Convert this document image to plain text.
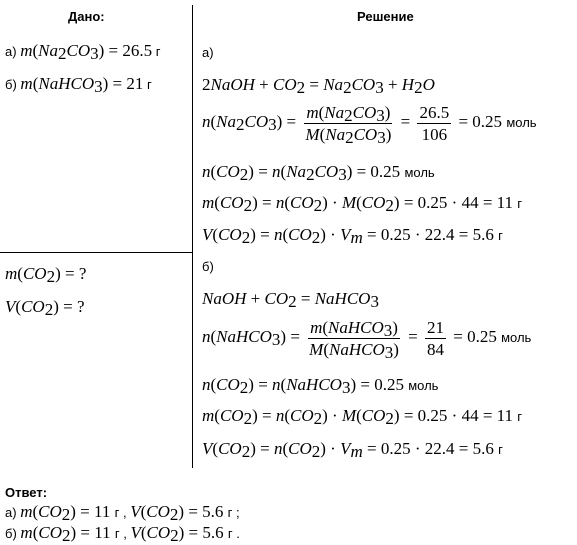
Дано:	Решение
а) $m(Na_2CO_3) = 26.5$ г
б) m(NaHCO$_3$) = 21 г
$m(CO_2)$ = ?
$V(CO_2)$ = ?
а)
2NaOH + $CO_2 = Na_2CO_3 + H_2O$
$n(Na_2CO_3) = \frac{m(Na_2CO_3)}{M(Na_2CO_3)} = \frac{26.5}{106} = 0.25$ моль
$n(CO_2) = n(Na_2CO_3) = 0.25$ моль
$m(CO_2) = n(CO_2) \cdot M(CO_2) = 0.25 \cdot 44 = 11$ г
$V(CO_2) = n(CO_2) \cdot V_m = 0.25 \cdot 22.4 = 5.6$ г
б)
NaOH + $CO_2$ = NaHCO$_3$
n(NaHCO$_3$) = $\frac{m(NaHCO_3)}{M(NaHCO_3)} = \frac{21}{84} = 0.25$ моль
$n(CO_2)$ = n(NaHCO$_3$) = 0.25 моль
$m(CO_2) = n(CO_2) \cdot M(CO_2) = 0.25 \cdot 44 = 11$ г
$V(CO_2) = n(CO_2) \cdot V_m = 0.25 \cdot 22.4 = 5.6$ г
Ответ:
а) $m(CO_2) = 11$ г , $V(CO_2) = 5.6$ г ;
б) $m(CO_2) = 11$ г , $V(CO_2) = 5.6$ г .
